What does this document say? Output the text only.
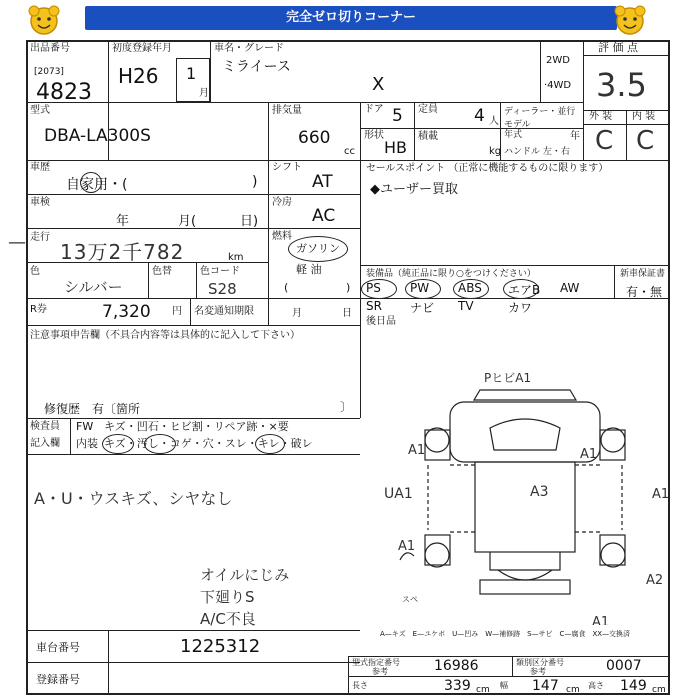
完全ゼロ切りコーナー
出品番号
[2073]
4823
初度登録年月
H26 1
月
車名・グレード
ミライース
X
2WD
·4WD
評 価 点
3.5
外 装 内 装
C C
型式
DBA-LA300S
排気量
660
cc
ドア 5 定員 4 人
ディーラー・並行
形状
HB
積載
kg
モデル年式	年
ハンドル 左・右
車歴
自家用・(	)
車検
年	月(	日)
走行
13万2千782	km
—
色
シルバー
色替	色コード
S28
シフト
AT
冷房
AC
燃料
ガソリン
軽 油
(	)
R券	7,320 円 名変通知期限	月	日
セールスポイント （正常に機能するものに限ります）
◆ユーザー買取
装備品（純正品に限り○をつけください）	新車保証書
有・無
PS PW ABS エアB AW
SR ナビ TV	カワ
後日品
注意事項申告欄（不具合内容等は具体的に記入して下さい）
修復歴　有〔箇所	〕
検査員
記入欄
FW キズ・凹石・ヒビ割・リペア跡・×要
内装 キズ・汚し・コゲ・穴・スレ・キレ・破レ
A・U・ウスキズ、シヤなし
オイルにじみ
下廻りS
A/C不良
PヒビA1
A1	A1
UA1	A3	A1
A1
A2
A1
スペ
A—キズ　E—ユケボ　U—凹み　W—補修跡　S—サビ　C—腐食　XX—交換済
車台番号	1225312
登録番号
型式指定番号
参考	16986	類別区分番号
参考	0007
長さ	339 cm 幅 147 cm 高さ 149 cm
